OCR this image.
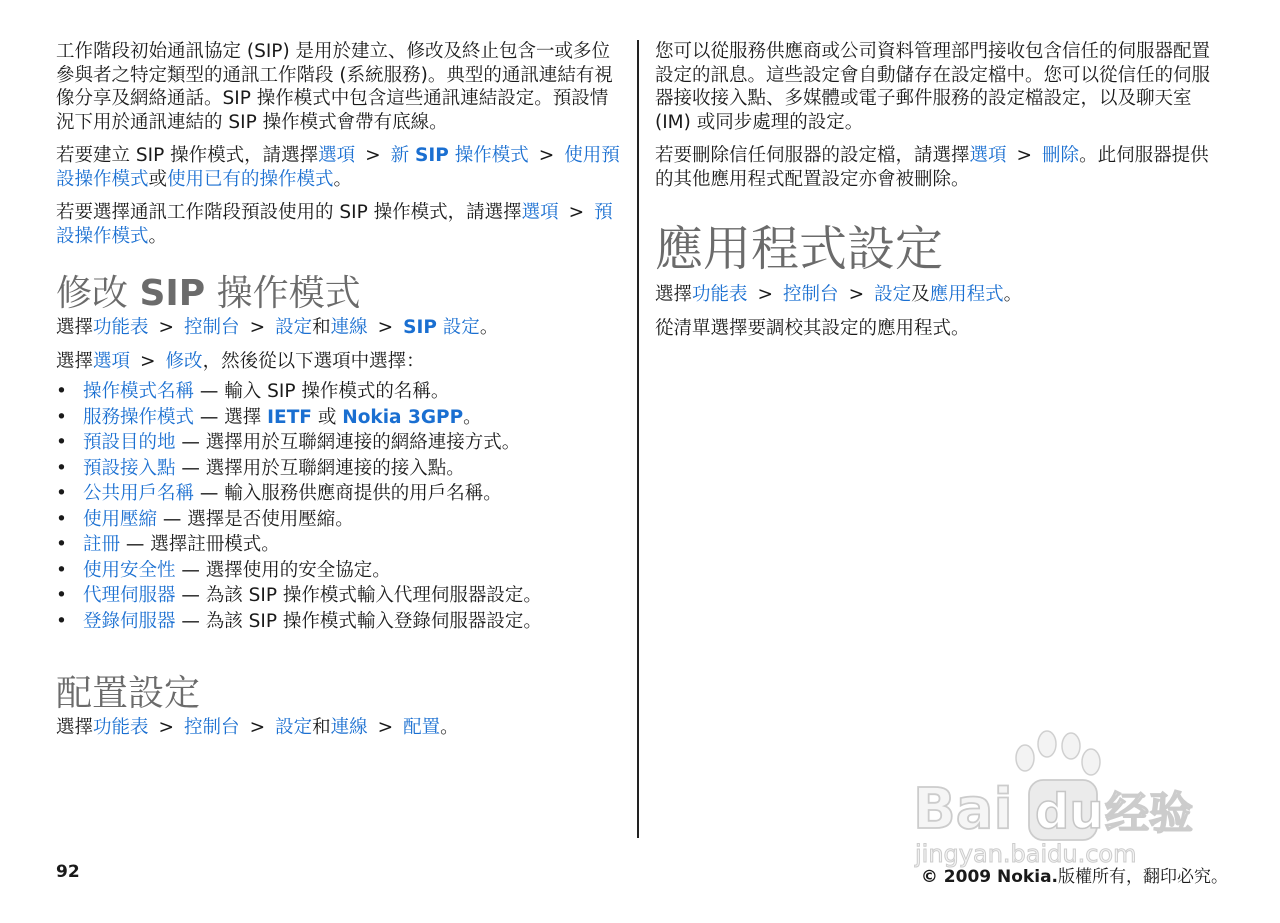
工作階段初始通訊協定 (SIP) 是用於建立、修改及終止包含一或多位參與者之特定類型的通訊工作階段 (系統服務)。典型的通訊連結有視像分享及網絡通話。SIP 操作模式中包含這些通訊連結設定。預設情況下用於通訊連結的 SIP 操作模式會帶有底線。

若要建立 SIP 操作模式，請選擇選項 > 新 SIP 操作模式 > 使用預設操作模式或使用已有的操作模式。

若要選擇通訊工作階段預設使用的 SIP 操作模式，請選擇選項 > 預設操作模式。

修改 SIP 操作模式

選擇功能表 > 控制台 > 設定和連線 > SIP 設定。

選擇選項 > 修改，然後從以下選項中選擇：

• 操作模式名稱 — 輸入 SIP 操作模式的名稱。
• 服務操作模式 — 選擇 IETF 或 Nokia 3GPP。
• 預設目的地 — 選擇用於互聯網連接的網絡連接方式。
• 預設接入點 — 選擇用於互聯網連接的接入點。
• 公共用戶名稱 — 輸入服務供應商提供的用戶名稱。
• 使用壓縮 — 選擇是否使用壓縮。
• 註冊 — 選擇註冊模式。
• 使用安全性 — 選擇使用的安全協定。
• 代理伺服器 — 為該 SIP 操作模式輸入代理伺服器設定。
• 登錄伺服器 — 為該 SIP 操作模式輸入登錄伺服器設定。
配置設定

選擇功能表 > 控制台 > 設定和連線 > 配置。

您可以從服務供應商或公司資料管理部門接收包含信任的伺服器配置設定的訊息。這些設定會自動儲存在設定檔中。您可以從信任的伺服器接收接入點、多媒體或電子郵件服務的設定檔設定，以及聊天室 (IM) 或同步處理的設定。

若要刪除信任伺服器的設定檔，請選擇選項 > 刪除。此伺服器提供的其他應用程式配置設定亦會被刪除。

應用程式設定

選擇功能表 > 控制台 > 設定及應用程式。

從清單選擇要調校其設定的應用程式。

Bai du 经验
jingyan.baidu.com
92	© 2009 Nokia.版權所有，翻印必究。
